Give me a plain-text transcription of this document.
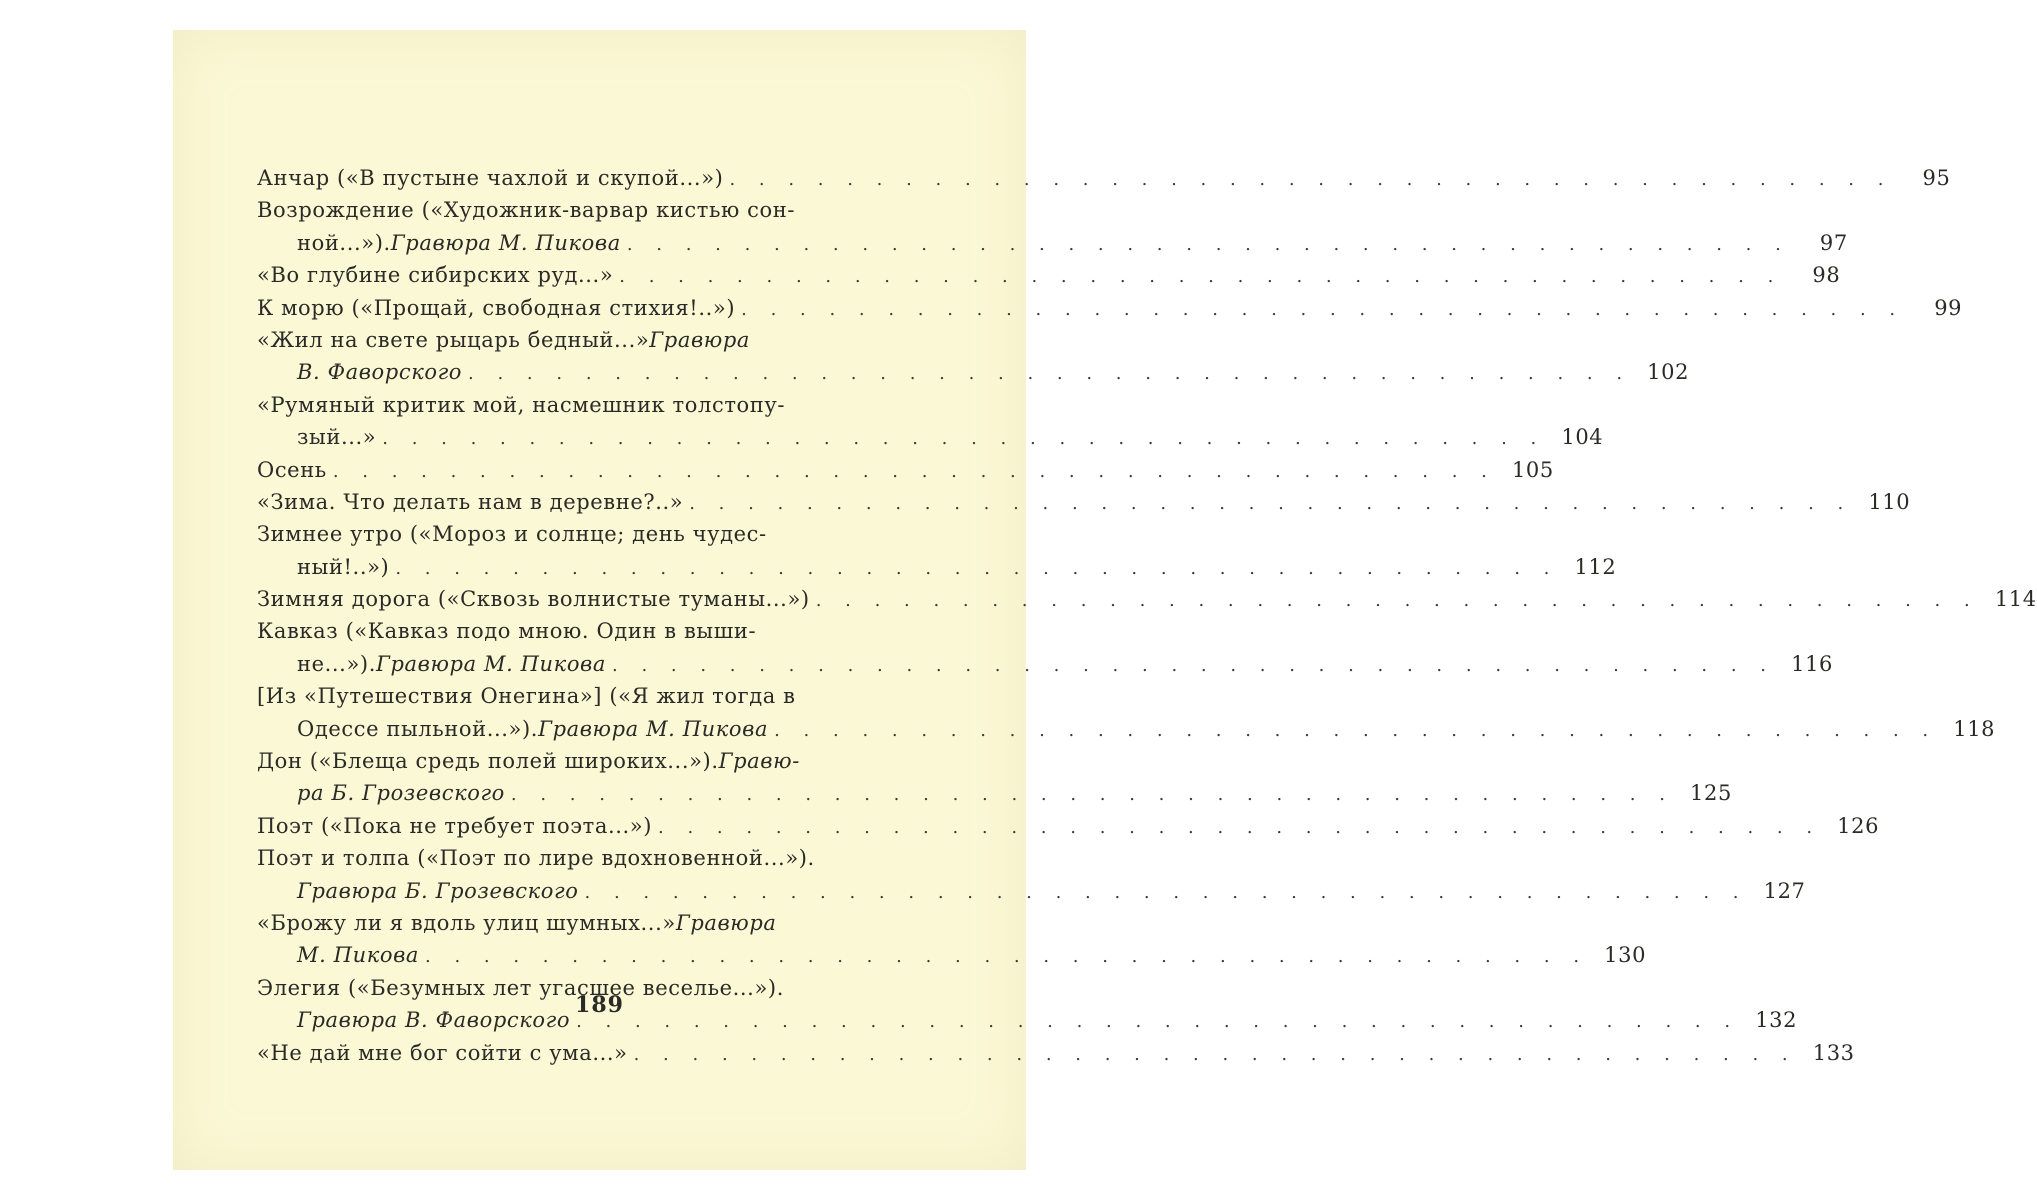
Анчар («В пустыне чахлой и скупой...») . . . . . . . . . . . . . . . . . . . . . . . . . . . . . . . . . . . . . . . .	95
Возрождение («Художник-варвар кистью сон-
ной...»). Гравюра М. Пикова . . . . . . . . . . . . . . . . . . . . . . . . . . . . . . . . . . . . . . . .	97
«Во глубине сибирских руд...» . . . . . . . . . . . . . . . . . . . . . . . . . . . . . . . . . . . . . . . .	98
К морю («Прощай, свободная стихия!..») . . . . . . . . . . . . . . . . . . . . . . . . . . . . . . . . . . . . . . . .	99
«Жил на свете рыцарь бедный...» Гравюра
В. Фаворского . . . . . . . . . . . . . . . . . . . . . . . . . . . . . . . . . . . . . . . . 102
«Румяный критик мой, насмешник толстопу-
зый...» . . . . . . . . . . . . . . . . . . . . . . . . . . . . . . . . . . . . . . . . 104
Осень . . . . . . . . . . . . . . . . . . . . . . . . . . . . . . . . . . . . . . . . 105
«Зима. Что делать нам в деревне?..» . . . . . . . . . . . . . . . . . . . . . . . . . . . . . . . . . . . . . . . . 110
Зимнее утро («Мороз и солнце; день чудес-
ный!..») . . . . . . . . . . . . . . . . . . . . . . . . . . . . . . . . . . . . . . . . 112
Зимняя дорога («Сквозь волнистые туманы...») . . . . . . . . . . . . . . . . . . . . . . . . . . . . . . . . . . . . . . . . 114
Кавказ («Кавказ подо мною. Один в выши-
не...»). Гравюра М. Пикова . . . . . . . . . . . . . . . . . . . . . . . . . . . . . . . . . . . . . . . . 116
[Из «Путешествия Онегина»] («Я жил тогда в
Одессе пыльной...»). Гравюра М. Пикова . . . . . . . . . . . . . . . . . . . . . . . . . . . . . . . . . . . . . . . . 118
Дон («Блеща средь полей широких...»). Гравю-
ра Б. Грозевского . . . . . . . . . . . . . . . . . . . . . . . . . . . . . . . . . . . . . . . . 125
Поэт («Пока не требует поэта...») . . . . . . . . . . . . . . . . . . . . . . . . . . . . . . . . . . . . . . . . 126
Поэт и толпа («Поэт по лире вдохновенной...»).
Гравюра Б. Грозевского . . . . . . . . . . . . . . . . . . . . . . . . . . . . . . . . . . . . . . . . 127
«Брожу ли я вдоль улиц шумных...» Гравюра
М. Пикова . . . . . . . . . . . . . . . . . . . . . . . . . . . . . . . . . . . . . . . . 130
Элегия («Безумных лет угасшее веселье...»).
Гравюра В. Фаворского . . . . . . . . . . . . . . . . . . . . . . . . . . . . . . . . . . . . . . . . 132
«Не дай мне бог сойти с ума...» . . . . . . . . . . . . . . . . . . . . . . . . . . . . . . . . . . . . . . . . 133
189
